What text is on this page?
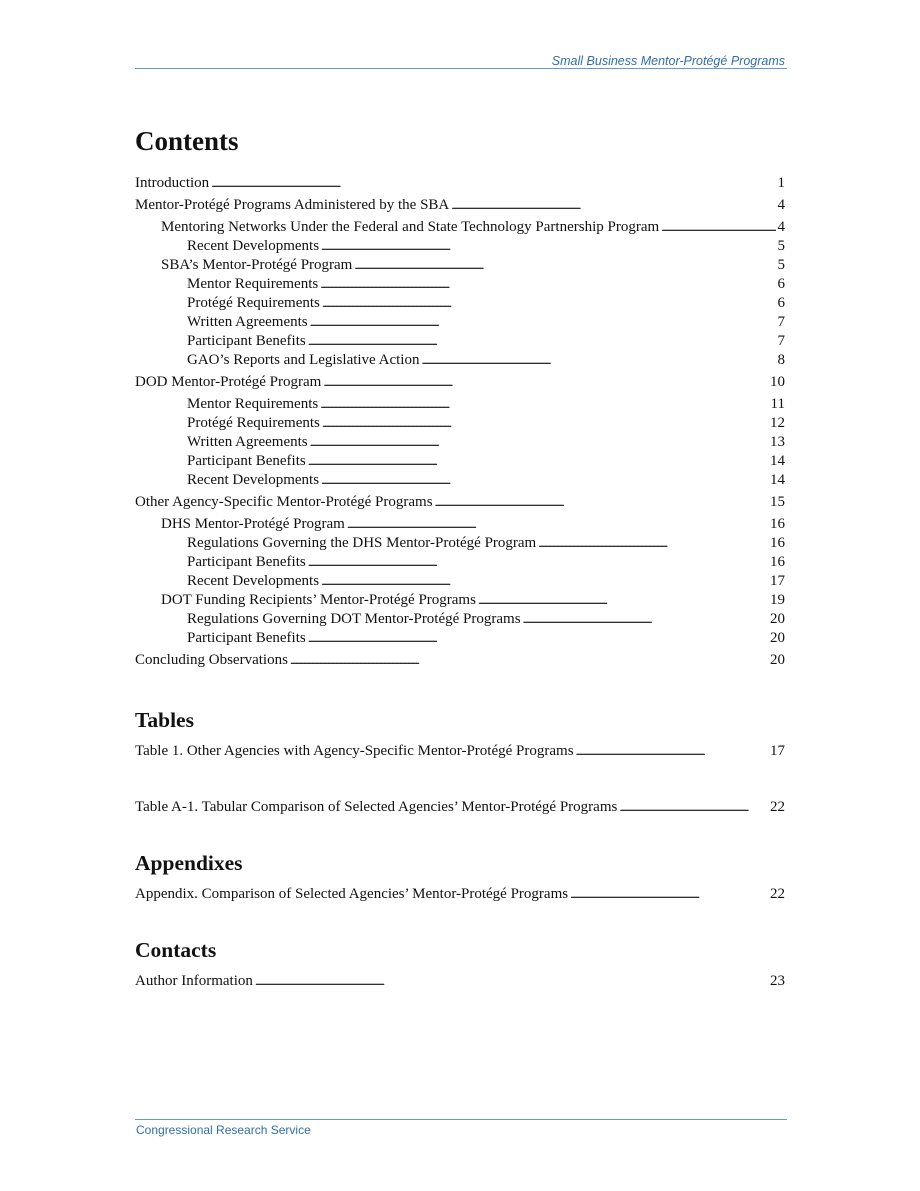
Small Business Mentor-Protégé Programs
Contents
Introduction . . .	1
Mentor-Protégé Programs Administered by the SBA . . .	4
Mentoring Networks Under the Federal and State Technology Partnership Program . . .	4
Recent Developments . . .	5
SBA’s Mentor-Protégé Program . . .	5
Mentor Requirements . . .	6
Protégé Requirements . . .	6
Written Agreements . . .	7
Participant Benefits . . .	7
GAO’s Reports and Legislative Action . . .	8
DOD Mentor-Protégé Program . . .	10
Mentor Requirements . . .	11
Protégé Requirements . . .	12
Written Agreements . . .	13
Participant Benefits . . .	14
Recent Developments . . .	14
Other Agency-Specific Mentor-Protégé Programs . . .	15
DHS Mentor-Protégé Program . . .	16
Regulations Governing the DHS Mentor-Protégé Program . . .	16
Participant Benefits . . .	16
Recent Developments . . .	17
DOT Funding Recipients’ Mentor-Protégé Programs . . .	19
Regulations Governing DOT Mentor-Protégé Programs . . .	20
Participant Benefits . . .	20
Concluding Observations . . .	20
Tables
Table 1. Other Agencies with Agency-Specific Mentor-Protégé Programs . . .	17
Table A-1. Tabular Comparison of Selected Agencies’ Mentor-Protégé Programs . . .	22
Appendixes
Appendix. Comparison of Selected Agencies’ Mentor-Protégé Programs . . .	22
Contacts
Author Information . . .	23
Congressional Research Service
